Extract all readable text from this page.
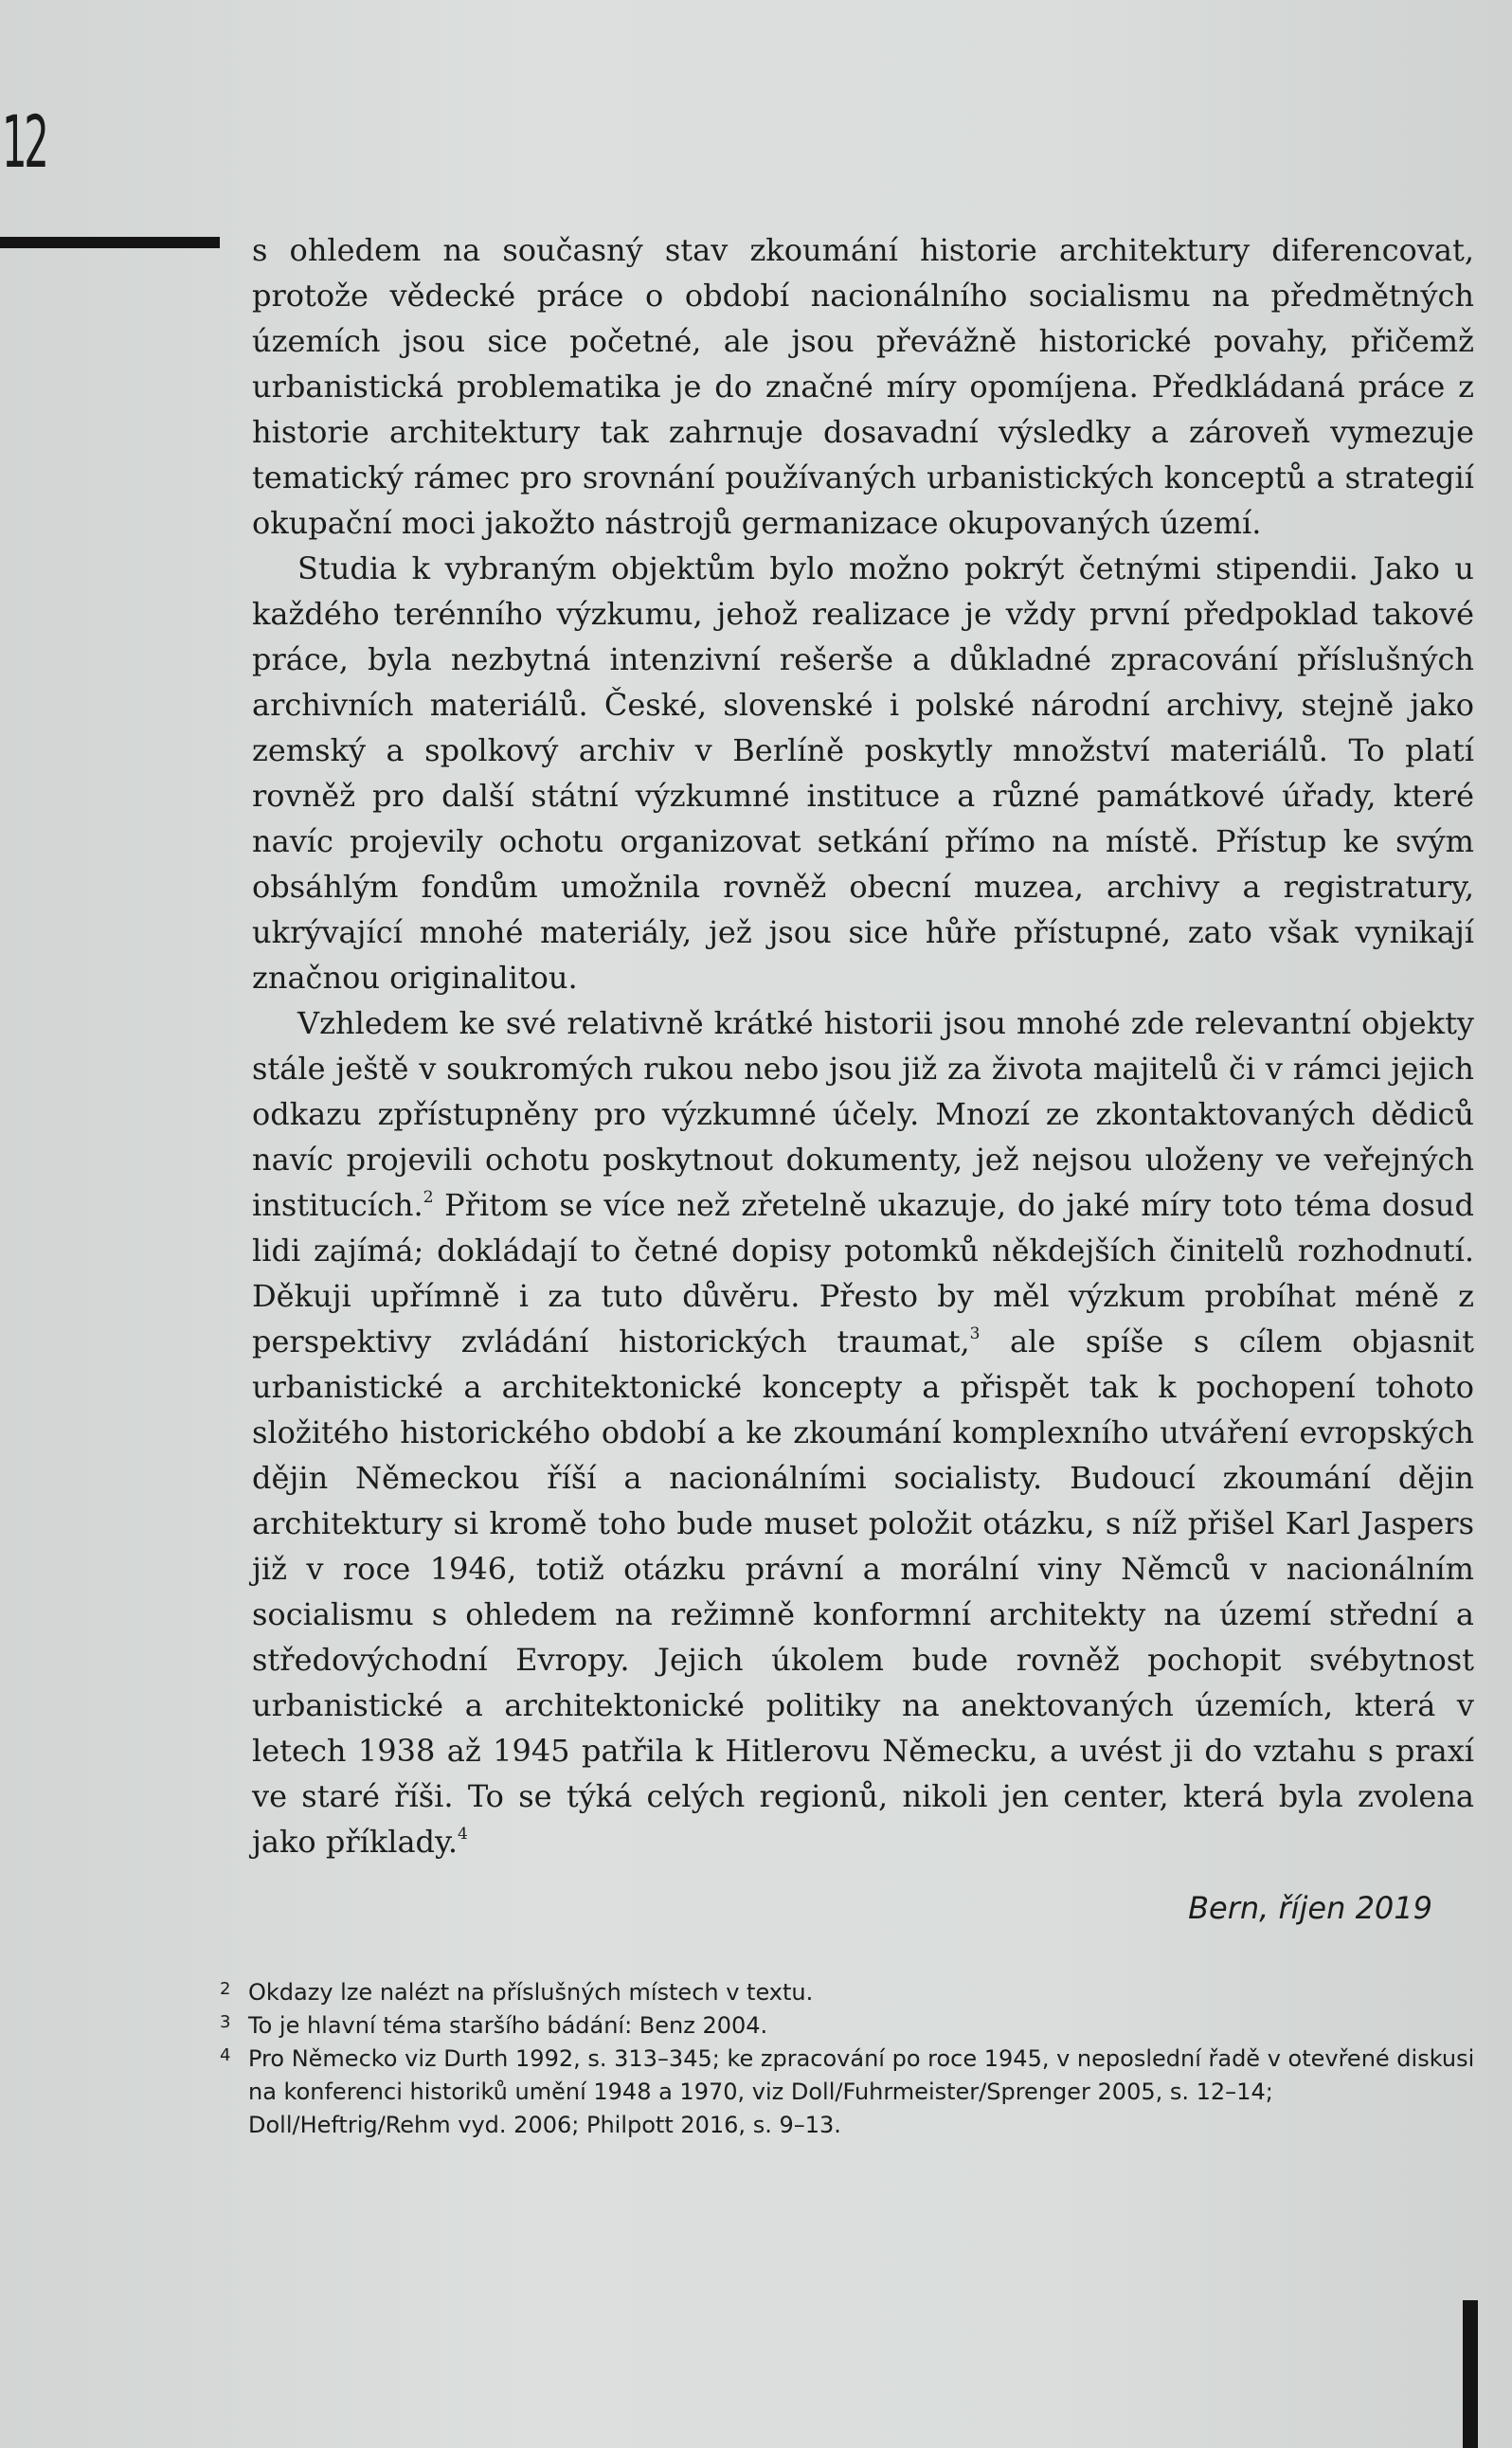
12

s ohledem na současný stav zkoumání historie architektury diferencovat, protože vědecké práce o období nacionálního socialismu na předmětných územích jsou sice početné, ale jsou převážně historické povahy, přičemž urbanistická problematika je do značné míry opomíjena. Předkládaná práce z historie architektury tak zahrnuje dosavadní výsledky a zároveň vymezuje tematický rámec pro srovnání používaných urbanistických konceptů a strategií okupační moci jakožto nástrojů germanizace okupovaných území.

Studia k vybraným objektům bylo možno pokrýt četnými stipendii. Jako u každého terénního výzkumu, jehož realizace je vždy první předpoklad takové práce, byla nezbytná intenzivní rešerše a důkladné zpracování příslušných archivních materiálů. České, slovenské i polské národní archivy, stejně jako zemský a spolkový archiv v Berlíně poskytly množství materiálů. To platí rovněž pro další státní výzkumné instituce a různé památkové úřady, které navíc projevily ochotu organizovat setkání přímo na místě. Přístup ke svým obsáhlým fondům umožnila rovněž obecní muzea, archivy a registratury, ukrývající mnohé materiály, jež jsou sice hůře přístupné, zato však vynikají značnou originalitou.

Vzhledem ke své relativně krátké historii jsou mnohé zde relevantní objekty stále ještě v soukromých rukou nebo jsou již za života majitelů či v rámci jejich odkazu zpřístupněny pro výzkumné účely. Mnozí ze zkontaktovaných dědiců navíc projevili ochotu poskytnout dokumenty, jež nejsou uloženy ve veřejných institucích.$^2$ Přitom se více než zřetelně ukazuje, do jaké míry toto téma dosud lidi zajímá; dokládají to četné dopisy potomků někdejších činitelů rozhodnutí. Děkuji upřímně i za tuto důvěru. Přesto by měl výzkum probíhat méně z perspektivy zvládání historických traumat,$^3$ ale spíše s cílem objasnit urbanistické a architektonické koncepty a přispět tak k pochopení tohoto složitého historického období a ke zkoumání komplexního utváření evropských dějin Německou říší a nacionálními socialisty. Budoucí zkoumání dějin architektury si kromě toho bude muset položit otázku, s níž přišel Karl Jaspers již v roce 1946, totiž otázku právní a morální viny Němců v nacionálním socialismu s ohledem na režimně konformní architekty na území střední a středovýchodní Evropy. Jejich úkolem bude rovněž pochopit svébytnost urbanistické a architektonické politiky na anektovaných územích, která v letech 1938 až 1945 patřila k Hitlerovu Německu, a uvést ji do vztahu s praxí ve staré říši. To se týká celých regionů, nikoli jen center, která byla zvolena jako příklady.$^4$

Bern, říjen 2019
2 Okdazy lze nalézt na příslušných místech v textu.
3 To je hlavní téma staršího bádání: Benz 2004.
4 Pro Německo viz Durth 1992, s. 313–345; ke zpracování po roce 1945, v neposlední řadě v otevřené diskusi na konferenci historiků umění 1948 a 1970, viz Doll/Fuhrmeister/Sprenger 2005, s. 12–14; Doll/Heftrig/Rehm vyd. 2006; Philpott 2016, s. 9–13.
